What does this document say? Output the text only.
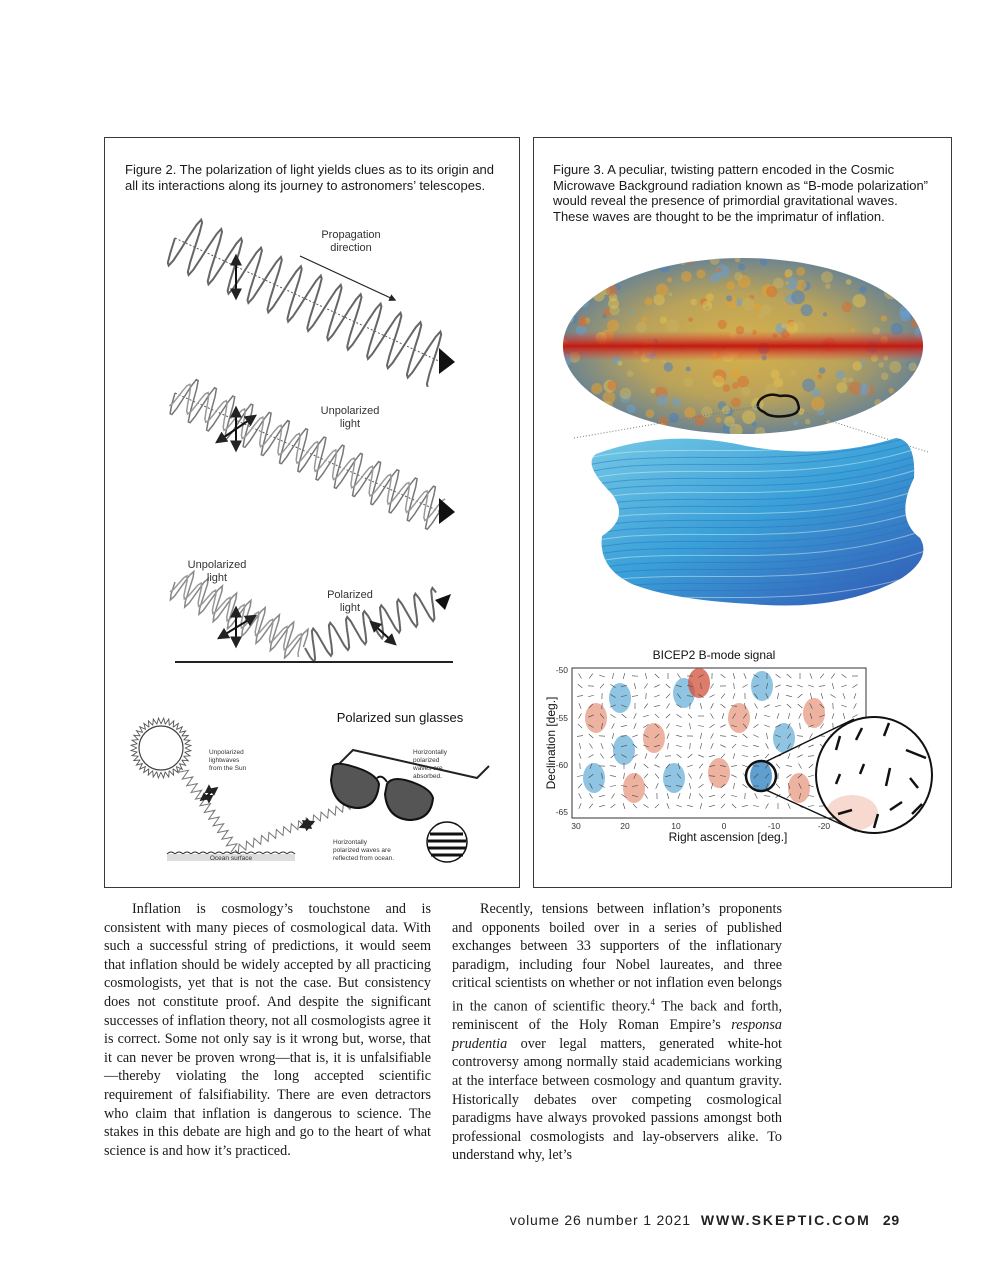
Figure 2. The polarization of light yields clues as to its origin and all its interactions along its journey to astronomers’ telescopes.
Propagation
direction
Unpolarized
light
Unpolarized
light
Polarized
light
Polarized sun glasses
Ocean surface
Unpolarized
lightwaves
from the Sun
Horizontally
polarized
waves are
absorbed.
Horizontally
polarized waves are
reflected from ocean.
Figure 3. A peculiar, twisting pattern encoded in the Cosmic Microwave Background radiation known as “B-mode polarization” would reveal the presence of primordial gravitational waves. These waves are thought to be the imprimatur of inflation.
BICEP2 B-mode signal
Declination [deg.]
Right ascension [deg.]
-50
-55
-60
-65
30	20	10	0	-10	-20

Inflation is cosmology’s touchstone and is consistent with many pieces of cosmological data. With such a successful string of predictions, it would seem that inflation should be widely accepted by all practicing cosmologists, yet that is not the case. But consistency does not constitute proof. And despite the significant successes of inflation theory, not all cosmologists agree it is correct. Some not only say is it wrong but, worse, that it can never be proven wrong—that is, it is unfalsifiable—thereby violating the long accepted scientific requirement of falsifiability. There are even detractors who claim that inflation is dangerous to science. The stakes in this debate are high and go to the heart of what science is and how it’s practiced.

Recently, tensions between inflation’s proponents and opponents boiled over in a series of published exchanges between 33 supporters of the inflationary paradigm, including four Nobel laureates, and three critical scientists on whether or not inflation even belongs in the canon of scientific theory.$^4$ The back and forth, reminiscent of the Holy Roman Empire’s responsa prudentia over legal matters, generated white-hot controversy among normally staid academicians working at the interface between cosmology and quantum gravity. Historically debates over competing cosmological paradigms have always provoked passions amongst both professional cosmologists and lay-observers alike. To understand why, let’s

volume 26 number 1 2021 WWW.SKEPTIC.COM 29
